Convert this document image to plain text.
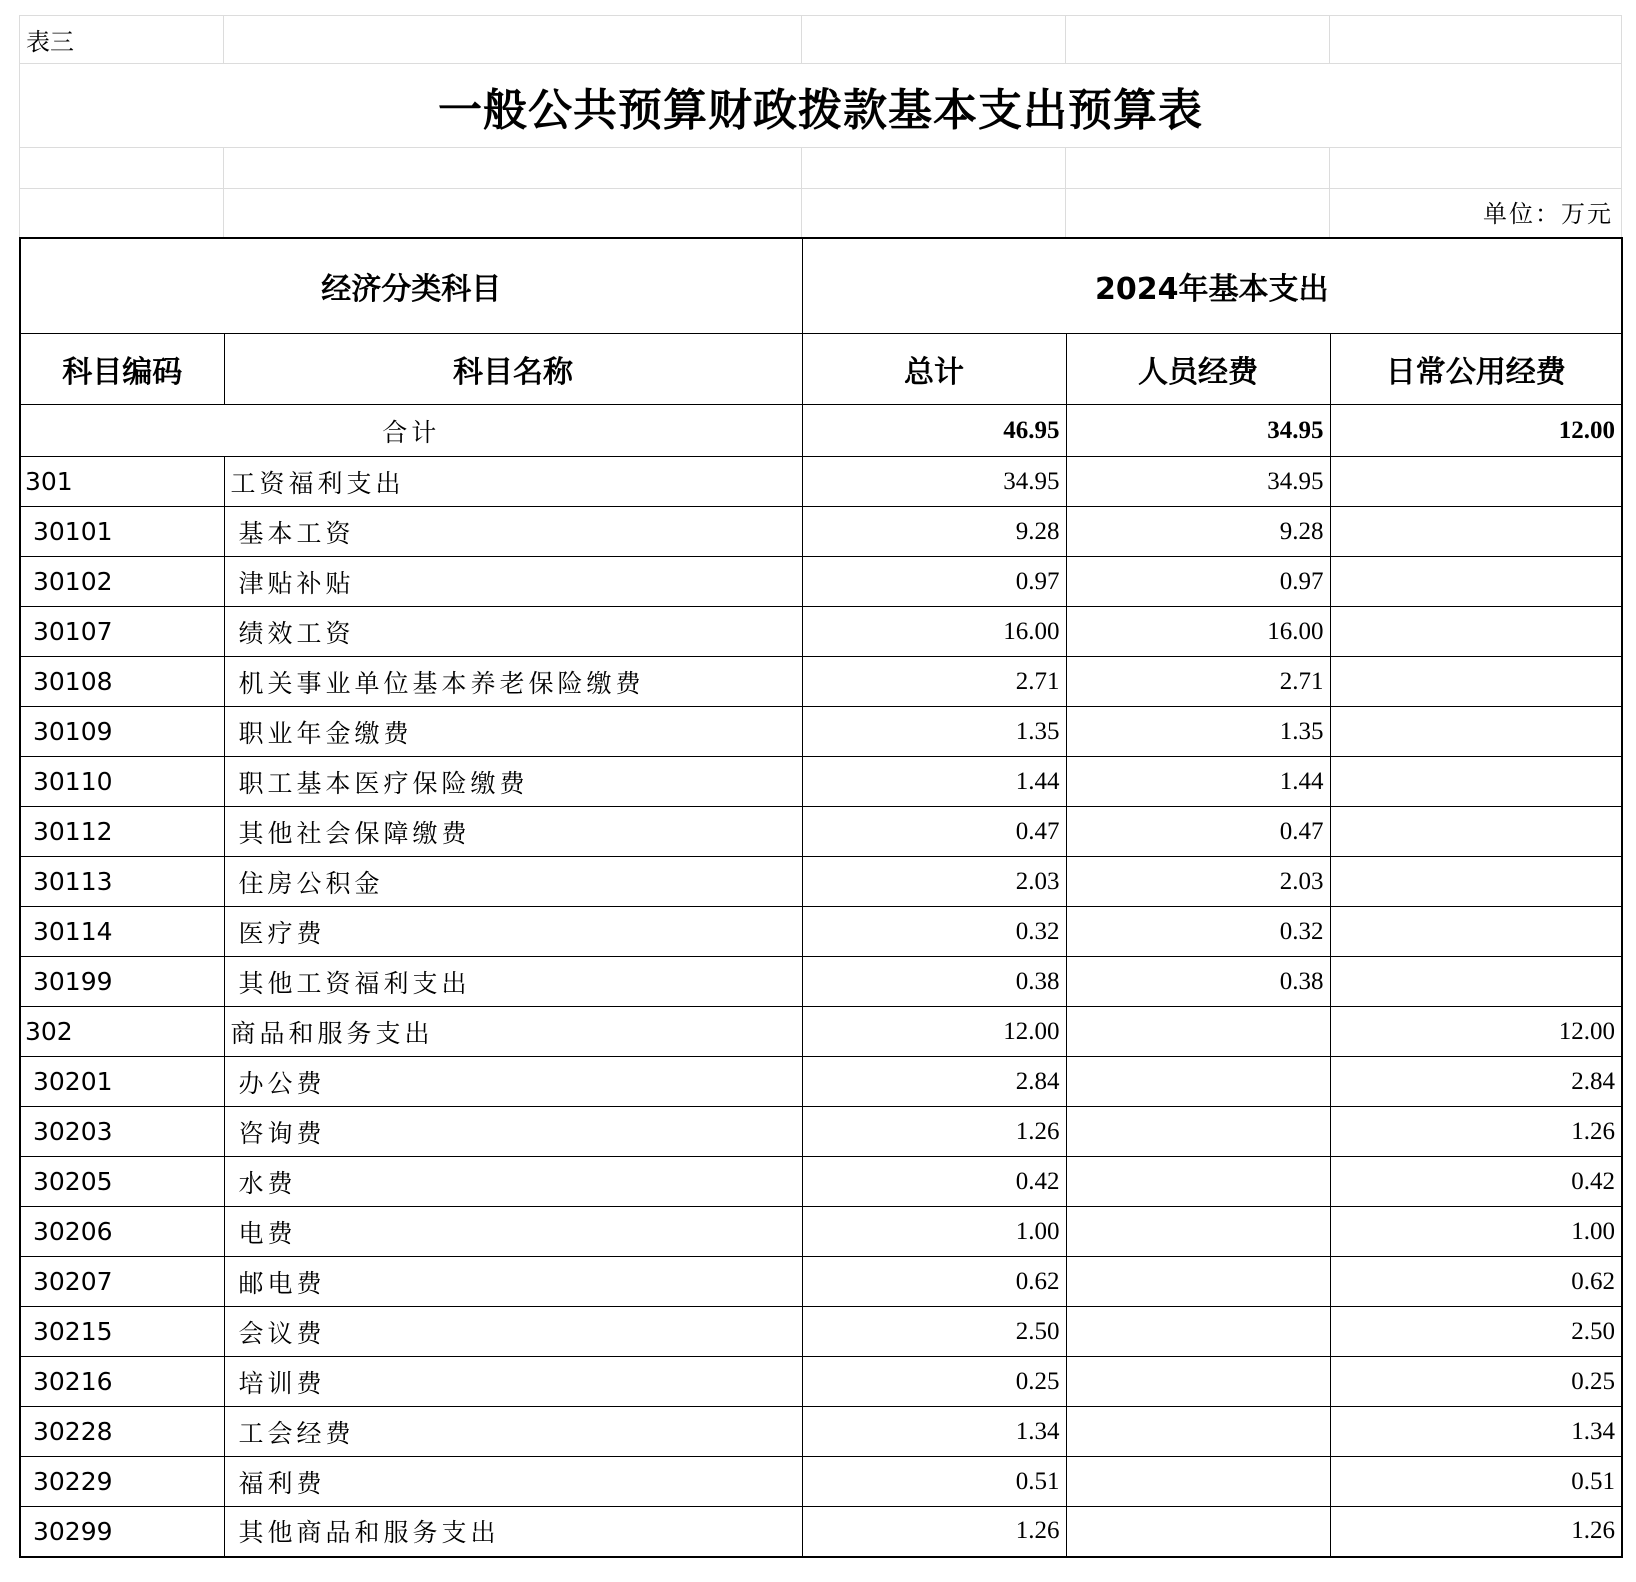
表三				
一般公共预算财政拨款基本支出预算表				

				单位：万元
经济分类科目		2024年基本支出		
科目编码	科目名称	总计	人员经费	日常公用经费
合计		46.95	34.95	12.00
301	工资福利支出	34.95	34.95	
30101	基本工资	9.28	9.28	
30102	津贴补贴	0.97	0.97	
30107	绩效工资	16.00	16.00	
30108	机关事业单位基本养老保险缴费	2.71	2.71	
30109	职业年金缴费	1.35	1.35	
30110	职工基本医疗保险缴费	1.44	1.44	
30112	其他社会保障缴费	0.47	0.47	
30113	住房公积金	2.03	2.03	
30114	医疗费	0.32	0.32	
30199	其他工资福利支出	0.38	0.38	
302	商品和服务支出	12.00		12.00
30201	办公费	2.84		2.84
30203	咨询费	1.26		1.26
30205	水费	0.42		0.42
30206	电费	1.00		1.00
30207	邮电费	0.62		0.62
30215	会议费	2.50		2.50
30216	培训费	0.25		0.25
30228	工会经费	1.34		1.34
30229	福利费	0.51		0.51
30299	其他商品和服务支出	1.26		1.26
